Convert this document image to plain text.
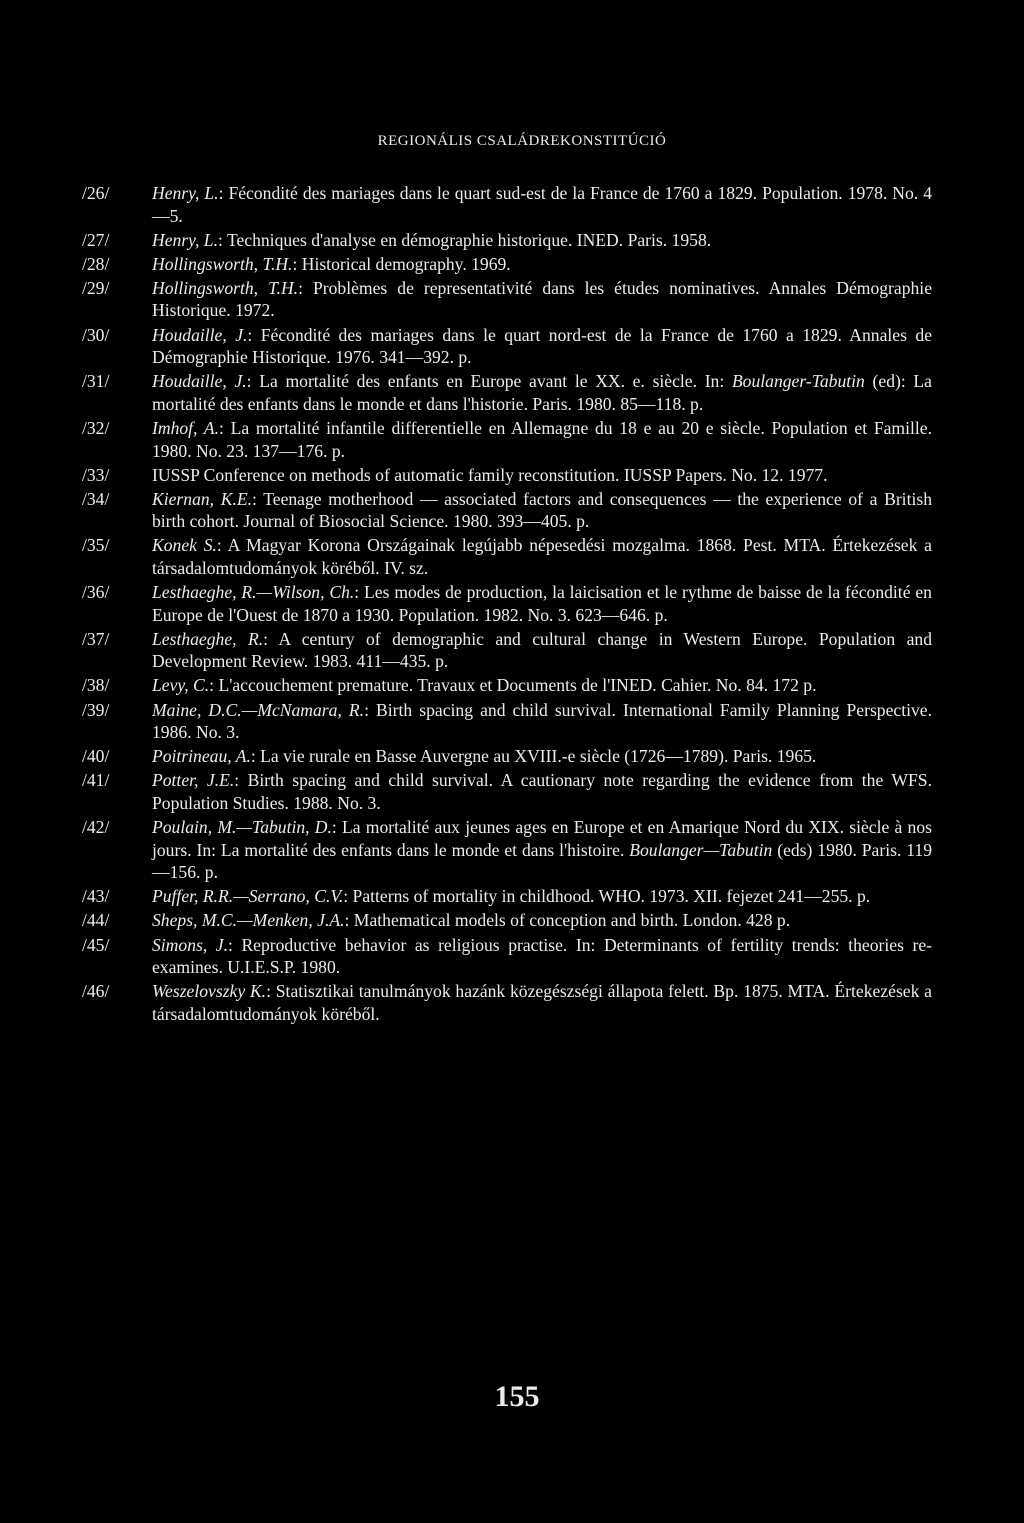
REGIONÁLIS CSALÁDREKONSTITÚCIÓ
/26/ Henry, L.: Fécondité des mariages dans le quart sud-est de la France de 1760 a 1829. Population. 1978. No. 4—5.
/27/ Henry, L.: Techniques d'analyse en démographie historique. INED. Paris. 1958.
/28/ Hollingsworth, T.H.: Historical demography. 1969.
/29/ Hollingsworth, T.H.: Problèmes de representativité dans les études nominatives. Annales Démographie Historique. 1972.
/30/ Houdaille, J.: Fécondité des mariages dans le quart nord-est de la France de 1760 a 1829. Annales de Démographie Historique. 1976. 341—392. p.
/31/ Houdaille, J.: La mortalité des enfants en Europe avant le XX. e. siècle. In: Boulanger-Tabutin (ed): La mortalité des enfants dans le monde et dans l'historie. Paris. 1980. 85—118. p.
/32/ Imhof, A.: La mortalité infantile differentielle en Allemagne du 18 e au 20 e siècle. Population et Famille. 1980. No. 23. 137—176. p.
/33/ IUSSP Conference on methods of automatic family reconstitution. IUSSP Papers. No. 12. 1977.
/34/ Kiernan, K.E.: Teenage motherhood — associated factors and consequences — the experience of a British birth cohort. Journal of Biosocial Science. 1980. 393—405. p.
/35/ Konek S.: A Magyar Korona Országainak legújabb népesedési mozgalma. 1868. Pest. MTA. Értekezések a társadalomtudományok köréből. IV. sz.
/36/ Lesthaeghe, R.—Wilson, Ch.: Les modes de production, la laicisation et le rythme de baisse de la fécondité en Europe de l'Ouest de 1870 a 1930. Population. 1982. No. 3. 623—646. p.
/37/ Lesthaeghe, R.: A century of demographic and cultural change in Western Europe. Population and Development Review. 1983. 411—435. p.
/38/ Levy, C.: L'accouchement premature. Travaux et Documents de l'INED. Cahier. No. 84. 172 p.
/39/ Maine, D.C.—McNamara, R.: Birth spacing and child survival. International Family Planning Perspective. 1986. No. 3.
/40/ Poitrineau, A.: La vie rurale en Basse Auvergne au XVIII.-e siècle (1726—1789). Paris. 1965.
/41/ Potter, J.E.: Birth spacing and child survival. A cautionary note regarding the evidence from the WFS. Population Studies. 1988. No. 3.
/42/ Poulain, M.—Tabutin, D.: La mortalité aux jeunes ages en Europe et en Amarique Nord du XIX. siècle à nos jours. In: La mortalité des enfants dans le monde et dans l'histoire. Boulanger—Tabutin (eds) 1980. Paris. 119—156. p.
/43/ Puffer, R.R.—Serrano, C.V.: Patterns of mortality in childhood. WHO. 1973. XII. fejezet 241—255. p.
/44/ Sheps, M.C.—Menken, J.A.: Mathematical models of conception and birth. London. 428 p.
/45/ Simons, J.: Reproductive behavior as religious practise. In: Determinants of fertility trends: theories re-examines. U.I.E.S.P. 1980.
/46/ Weszelovszky K.: Statisztikai tanulmányok hazánk közegészségi állapota felett. Bp. 1875. MTA. Értekezések a társadalomtudományok köréből.
155
